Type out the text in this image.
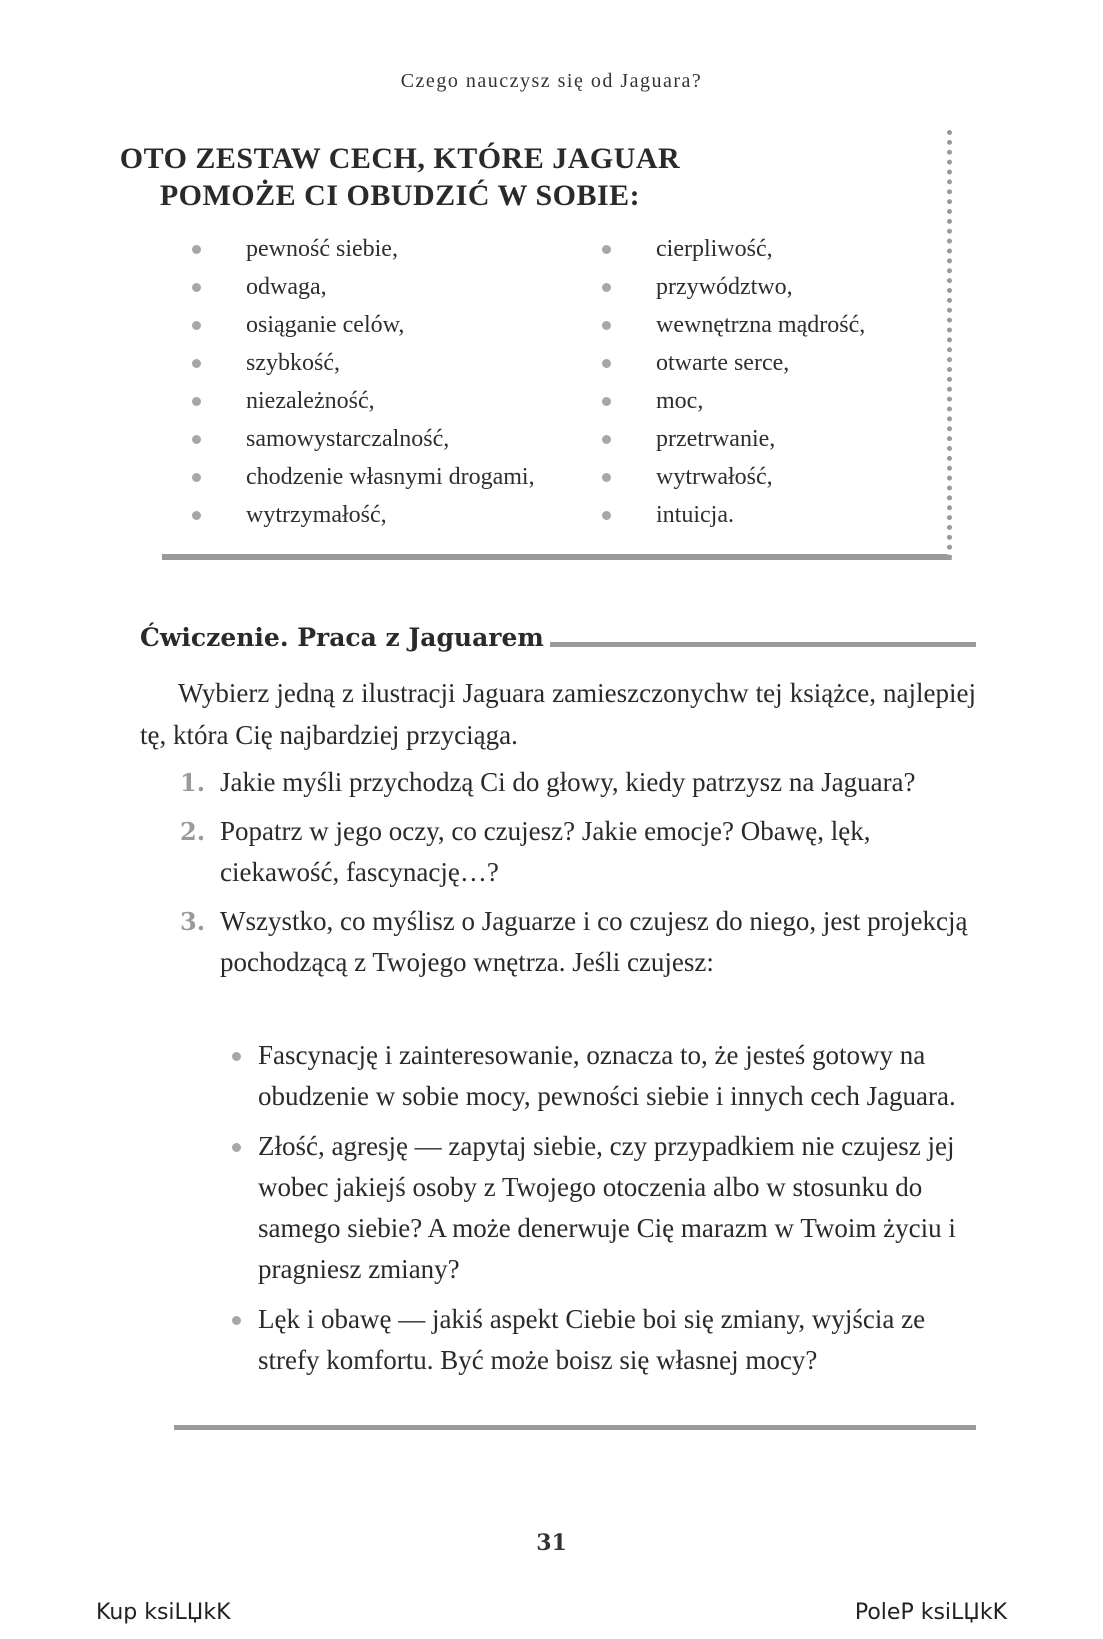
Czego nauczysz się od Jaguara?
OTO ZESTAW CECH, KTÓRE JAGUAR
POMOŻE CI OBUDZIĆ W SOBIE:
pewność siebie,
odwaga,
osiąganie celów,
szybkość,
niezależność,
samowystarczalność,
chodzenie własnymi drogami,
wytrzymałość,
cierpliwość,
przywództwo,
wewnętrzna mądrość,
otwarte serce,
moc,
przetrwanie,
wytrwałość,
intuicja.
Ćwiczenie. Praca z Jaguarem

Wybierz jedną z ilustracji Jaguara zamieszczonychw tej książce, najlepiej tę, która Cię najbardziej przyciąga.

1. Jakie myśli przychodzą Ci do głowy, kiedy patrzysz na Jaguara?
2. Popatrz w jego oczy, co czujesz? Jakie emocje? Obawę, lęk, ciekawość, fascynację…?
3. Wszystko, co myślisz o Jaguarze i co czujesz do niego, jest projekcją pochodzącą z Twojego wnętrza. Jeśli czujesz:
Fascynację i zainteresowanie, oznacza to, że jesteś gotowy na obudzenie w sobie mocy, pewności siebie i innych cech Jaguara.
Złość, agresję — zapytaj siebie, czy przypadkiem nie czujesz jej wobec jakiejś osoby z Twojego otoczenia albo w stosunku do samego siebie? A może denerwuje Cię marazm w Twoim życiu i pragniesz zmiany?
Lęk i obawę — jakiś aspekt Ciebie boi się zmiany, wyjścia ze strefy komfortu. Być może boisz się własnej mocy?
31
Kup ksiLЏkK	PoleP ksiLЏkK
